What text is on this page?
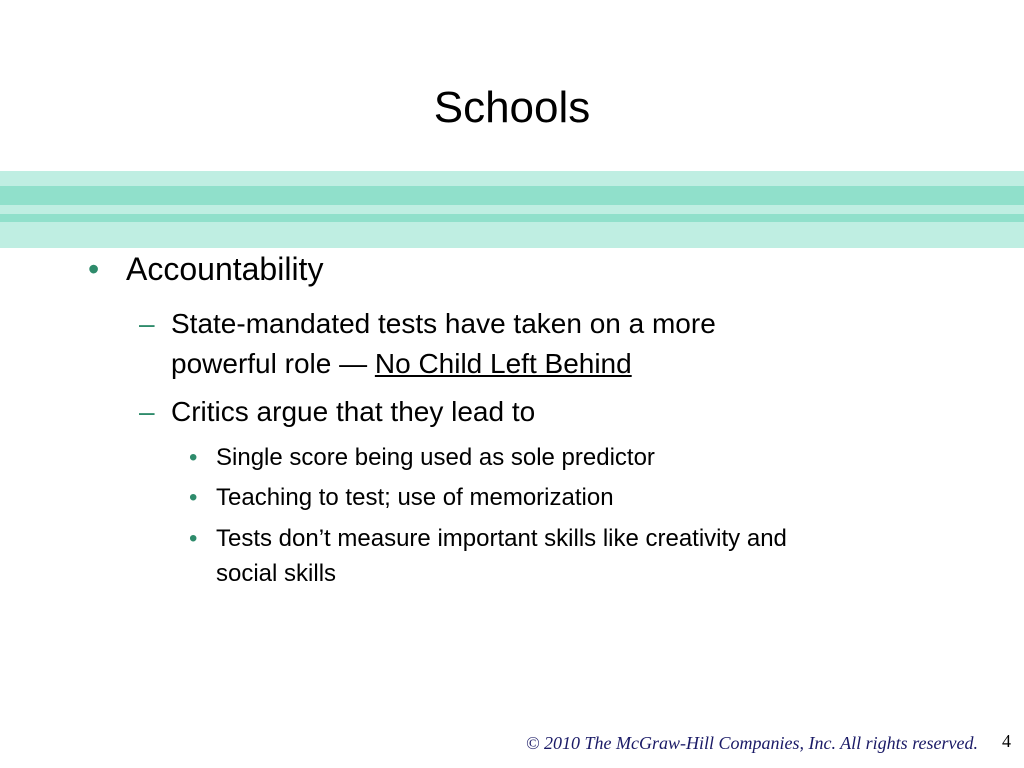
Schools
• Accountability
– State-mandated tests have taken on a more
powerful role — No Child Left Behind
– Critics argue that they lead to
• Single score being used as sole predictor
• Teaching to test; use of memorization
• Tests don’t measure important skills like creativity and
social skills
© 2010 The McGraw-Hill Companies, Inc. All rights reserved. 4
